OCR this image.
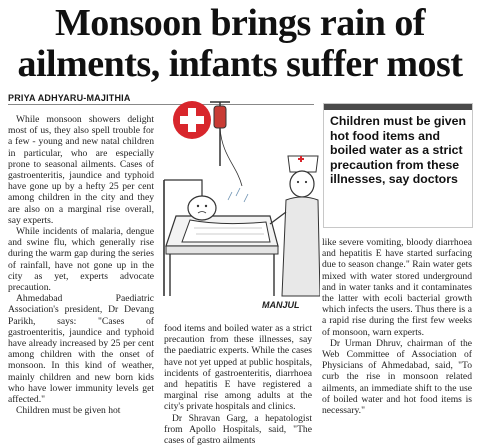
Monsoon brings rain of
ailments, infants suffer most
PRIYA ADHYARU-MAJITHIA

While monsoon showers delight most of us, they also spell trouble for a few - young and new natal children in particular, who are especially prone to seasonal ailments. Cases of gastroenteritis, jaundice and typhoid have gone up by a hefty 25 per cent among children in the city and they are also on a marginal rise overall, say experts.

While incidents of malaria, dengue and swine flu, which generally rise during the warm gap during the series of rainfall, have not gone up in the city as yet, experts advocate precaution.

Ahmedabad Paediatric Association's president, Dr Devang Parikh, says: "Cases of gastroenteritis, jaundice and typhoid have already increased by 25 per cent among children with the onset of monsoon. In this kind of weather, mainly children and new born kids who have lower immunity levels get affected."

Children must be given hot

MANJUL
Children must be given hot food items and boiled water as a strict precaution from these illnesses, say doctors

food items and boiled water as a strict precaution from these illnesses, say the paediatric experts. While the cases have not yet upped at public hospitals, incidents of gastroenteritis, diarrhoea and hepatitis E have registered a marginal rise among adults at the city's private hospitals and clinics.

Dr Shravan Garg, a hepatologist from Apollo Hospitals, said, "The cases of gastro ailments

like severe vomiting, bloody diarrhoea and hepatitis E have started surfacing due to season change." Rain water gets mixed with water stored underground and in water tanks and it contaminates the latter with ecoli bacterial growth which infects the users. Thus there is a a rapid rise during the first few weeks of monsoon, warn experts.

Dr Urman Dhruv, chairman of the Web Committee of Association of Physicians of Ahmedabad, said, "To curb the rise in monsoon related ailments, an immediate shift to the use of boiled water and hot food items is necessary."
